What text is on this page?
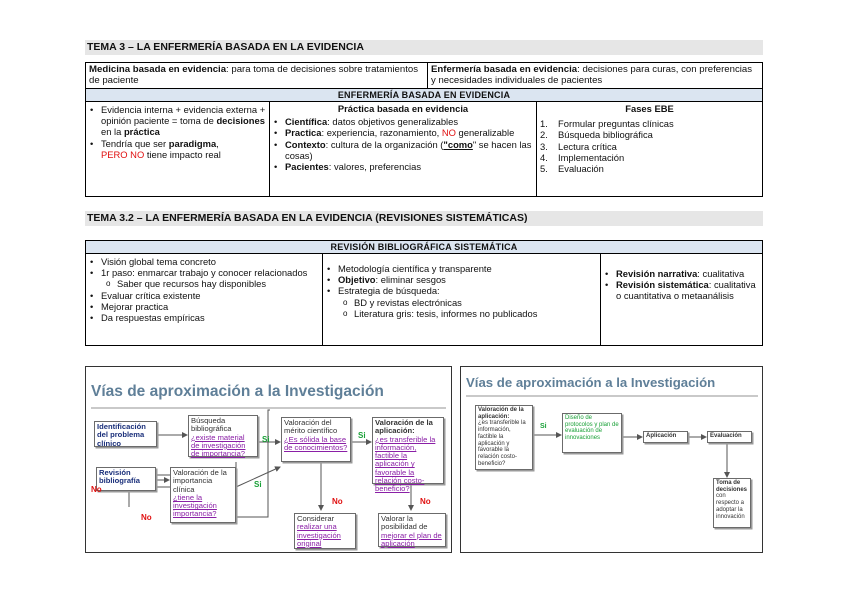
TEMA 3 – LA ENFERMERÍA BASADA EN LA EVIDENCIA
Medicina basada en evidencia: para toma de decisiones sobre tratamientos de paciente
Enfermería basada en evidencia: decisiones para curas, con preferencias y necesidades individuales de pacientes
ENFERMERÍA BASADA EN EVIDENCIA
• Evidencia interna + evidencia externa + opinión paciente = toma de decisiones en la práctica
• Tendría que ser paradigma,
PERO NO tiene impacto real
Práctica basada en evidencia
• Científica: datos objetivos generalizables
• Practica: experiencia, razonamiento, NO generalizable
• Contexto: cultura de la organización ("como" se hacen las cosas)
• Pacientes: valores, preferencias
Fases EBE
1. Formular preguntas clínicas
2. Búsqueda bibliográfica
3. Lectura crítica
4. Implementación
5. Evaluación
TEMA 3.2 – LA ENFERMERÍA BASADA EN LA EVIDENCIA (REVISIONES SISTEMÁTICAS)
REVISIÓN BIBLIOGRÁFICA SISTEMÁTICA
• Visión global tema concreto
• 1r paso: enmarcar trabajo y conocer relacionados
o Saber que recursos hay disponibles
• Evaluar crítica existente
• Mejorar practica
• Da respuestas empíricas
• Metodología científica y transparente
• Objetivo: eliminar sesgos
• Estrategia de búsqueda:
o BD y revistas electrónicas
o Literatura gris: tesis, informes no publicados
• Revisión narrativa: cualitativa
• Revisión sistemática: cualitativa o cuantitativa o metaanálisis
Vías de aproximación a la Investigación
Identificación del problema clínico
Búsqueda bibliográfica
¿existe material de investigación de importancia?
Si
Valoración del mérito científico
¿Es sólida la base de conocimientos?
Si
Valoración de la aplicación:
¿es transferible la información, factible la aplicación y favorable la relación costo-beneficio?
Revisión bibliografía
Valoración de la importancia clínica
¿tiene la investigación importancia?
No
No
Si
No	No
Considerar
realizar una investigación original
Valorar la posibilidad de
mejorar el plan de aplicación
Vías de aproximación a la Investigación
Valoración de la aplicación:
¿es transferible la información, factible la aplicación y favorable la relación costo-beneficio?
Si
Diseño de protocolos y plan de evaluación de innovaciones	Aplicación	Evaluación
Toma de
decisiones
con respecto a adoptar la innovación
